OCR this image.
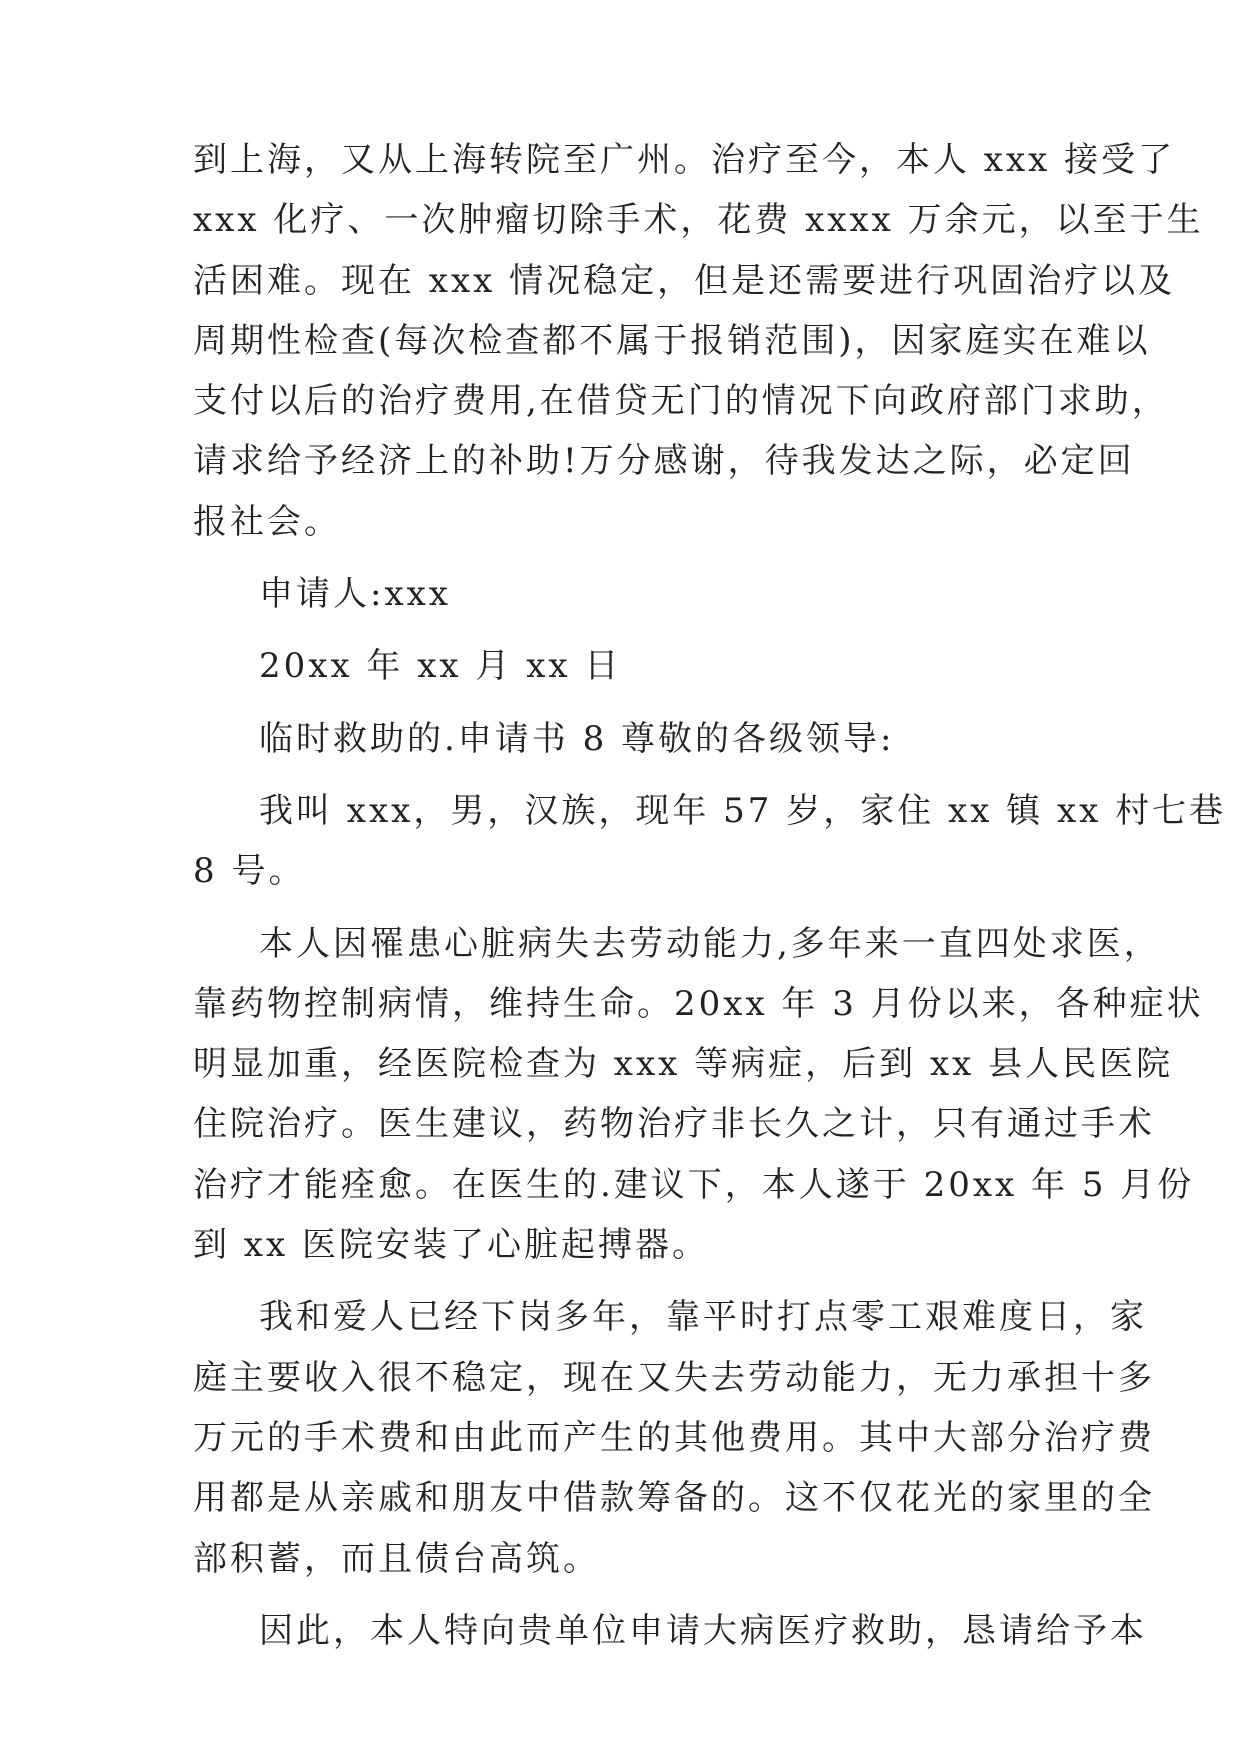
到上海，又从上海转院至广州。治疗至今，本人 xxx 接受了
xxx 化疗、一次肿瘤切除手术，花费 xxxx 万余元，以至于生
活困难。现在 xxx 情况稳定，但是还需要进行巩固治疗以及
周期性检查(每次检查都不属于报销范围)，因家庭实在难以
支付以后的治疗费用,在借贷无门的情况下向政府部门求助，
请求给予经济上的补助!万分感谢，待我发达之际，必定回
报社会。
申请人:xxx
20xx 年 xx 月 xx 日
临时救助的.申请书 8 尊敬的各级领导:
我叫 xxx，男，汉族，现年 57 岁，家住 xx 镇 xx 村七巷
8 号。
本人因罹患心脏病失去劳动能力,多年来一直四处求医，
靠药物控制病情，维持生命。20xx 年 3 月份以来，各种症状
明显加重，经医院检查为 xxx 等病症，后到 xx 县人民医院
住院治疗。医生建议，药物治疗非长久之计，只有通过手术
治疗才能痊愈。在医生的.建议下，本人遂于 20xx 年 5 月份
到 xx 医院安装了心脏起搏器。
我和爱人已经下岗多年，靠平时打点零工艰难度日，家
庭主要收入很不稳定，现在又失去劳动能力，无力承担十多
万元的手术费和由此而产生的其他费用。其中大部分治疗费
用都是从亲戚和朋友中借款筹备的。这不仅花光的家里的全
部积蓄，而且债台高筑。
因此，本人特向贵单位申请大病医疗救助，恳请给予本
